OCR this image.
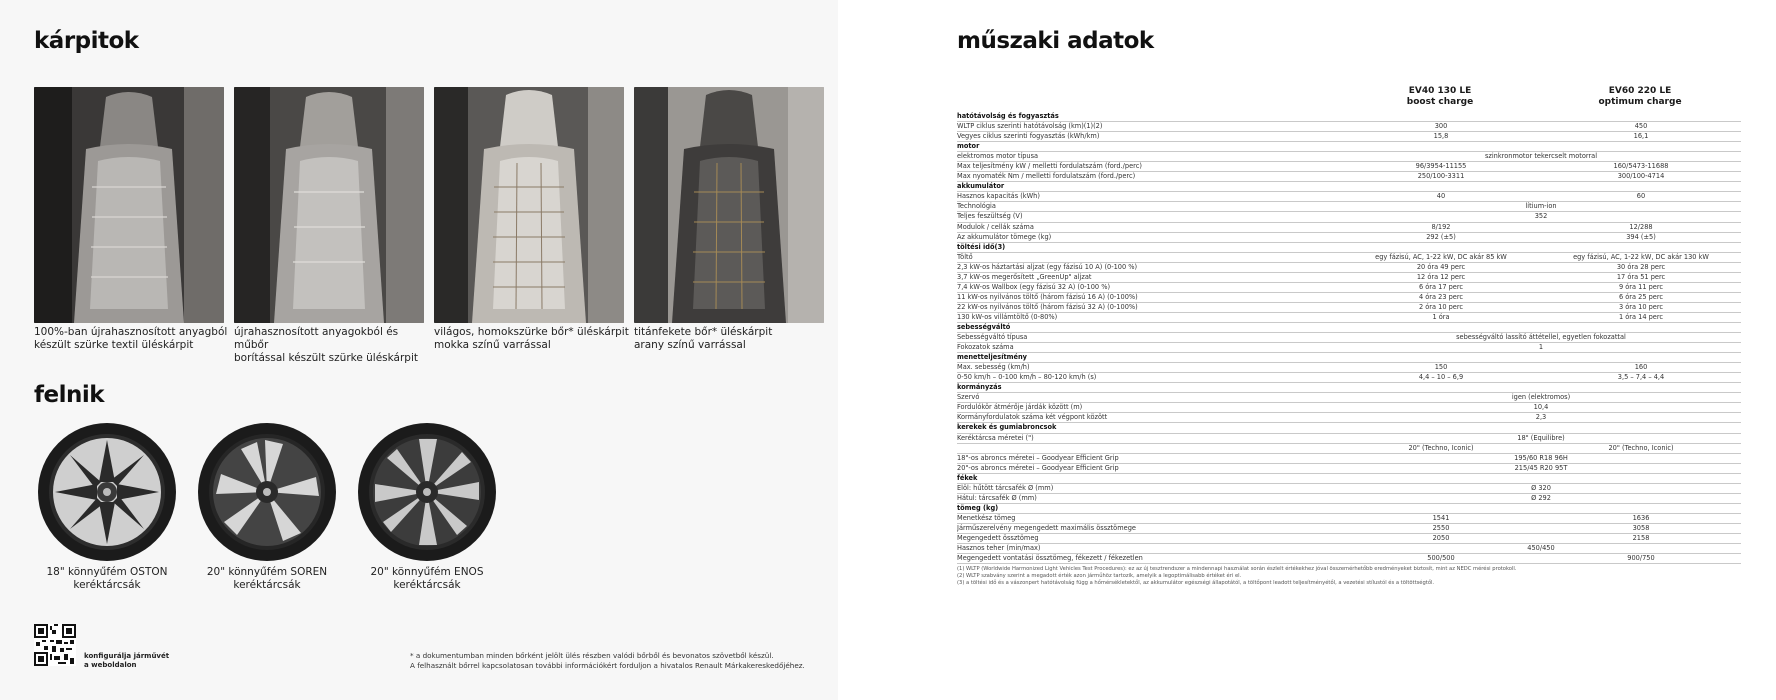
kárpitok
100%-ban újrahasznosított anyagból
készült szürke textil üléskárpit
újrahasznosított anyagokból és műbőr
borítással készült szürke üléskárpit
világos, homokszürke bőr* üléskárpit
mokka színű varrással
titánfekete bőr* üléskárpit
arany színű varrással
felnik
18" könnyűfém OSTON
keréktárcsák
20" könnyűfém SOREN
keréktárcsák
20" könnyűfém ENOS
keréktárcsák
konfigurálja járművét
a weboldalon
* a dokumentumban minden bőrként jelölt ülés részben valódi bőrből és bevonatos szövetből készül.
A felhasznált bőrrel kapcsolatosan további információkért forduljon a hivatalos Renault Márkakereskedőjéhez.
műszaki adatok
EV40 130 LE
boost charge
EV60 220 LE
optimum charge
hatótávolság és fogyasztás		
WLTP ciklus szerinti hatótávolság (km)(1)(2)	300	450
Vegyes ciklus szerinti fogyasztás (kWh/km)	15,8	16,1
motor		
elektromos motor típusa	szinkronmotor tekercselt motorral	
Max teljesítmény kW / melletti fordulatszám (ford./perc)	96/3954-11155	160/5473-11688
Max nyomaték Nm / melletti fordulatszám (ford./perc)	250/100-3311	300/100-4714
akkumulátor		
Hasznos kapacitás (kWh)	40	60
Technológia	lítium-ion	
Teljes feszültség (V)	352	
Modulok / cellák száma	8/192	12/288
Az akkumulátor tömege (kg)	292 (±5)	394 (±5)
töltési idő(3)		
Töltő	egy fázisú, AC, 1-22 kW, DC akár 85 kW	egy fázisú, AC, 1-22 kW, DC akár 130 kW
2,3 kW-os háztartási aljzat (egy fázisú 10 A) (0-100 %)	20 óra 49 perc	30 óra 28 perc
3,7 kW-os megerősített „GreenUp" aljzat	12 óra 12 perc	17 óra 51 perc
7,4 kW-os Wallbox (egy fázisú 32 A) (0-100 %)	6 óra 17 perc	9 óra 11 perc
11 kW-os nyilvános töltő (három fázisú 16 A) (0-100%)	4 óra 23 perc	6 óra 25 perc
22 kW-os nyilvános töltő (három fázisú 32 A) (0-100%)	2 óra 10 perc	3 óra 10 perc
130 kW-os villámtöltő (0-80%)	1 óra	1 óra 14 perc
sebességváltó		
Sebességváltó típusa	sebességváltó lassító áttétellel, egyetlen fokozattal	
Fokozatok száma	1	
menetteljesítmény		
Max. sebesség (km/h)	150	160
0-50 km/h – 0-100 km/h – 80-120 km/h (s)	4,4 – 10 – 6,9	3,5 – 7,4 – 4,4
kormányzás		
Szervó	igen (elektromos)	
Fordulókör átmérője járdák között (m)	10,4	
Kormányfordulatok száma két végpont között	2,3	
kerekek és gumiabroncsok		
Keréktárcsa méretei (")	18" (Equilibre)	
	20" (Techno, Iconic)	20" (Techno, Iconic)
18"-os abroncs méretei – Goodyear Efficient Grip	195/60 R18 96H	
20"-os abroncs méretei – Goodyear Efficient Grip	215/45 R20 95T	
fékek		
Elöl: hűtött tárcsafék Ø (mm)	Ø 320	
Hátul: tárcsafék Ø (mm)	Ø 292	
tömeg (kg)		
Menetkész tömeg	1541	1636
Járműszerelvény megengedett maximális össztömege	2550	3058
Megengedett össztömeg	2050	2158
Hasznos teher (min/max)	450/450	
Megengedett vontatási össztömeg, fékezett / fékezetlen	500/500	900/750
(1) WLTP (Worldwide Harmonized Light Vehicles Test Procedures): ez az új tesztrendszer a mindennapi használat során észlelt értékekhez jóval összemérhetőbb eredményeket biztosít, mint az NEDC mérési protokoll.
(2) WLTP szabvány szerint a megadott érték azon járműhöz tartozik, amelyik a legoptimálisabb értéket éri el.
(3) a töltési idő és a vászonpert hatótávolság függ a hőmérsékletektől, az akkumulátor egészségi állapotától, a töltőpont leadott teljesítményétől, a vezetési stílustól és a töltöttségtől.
